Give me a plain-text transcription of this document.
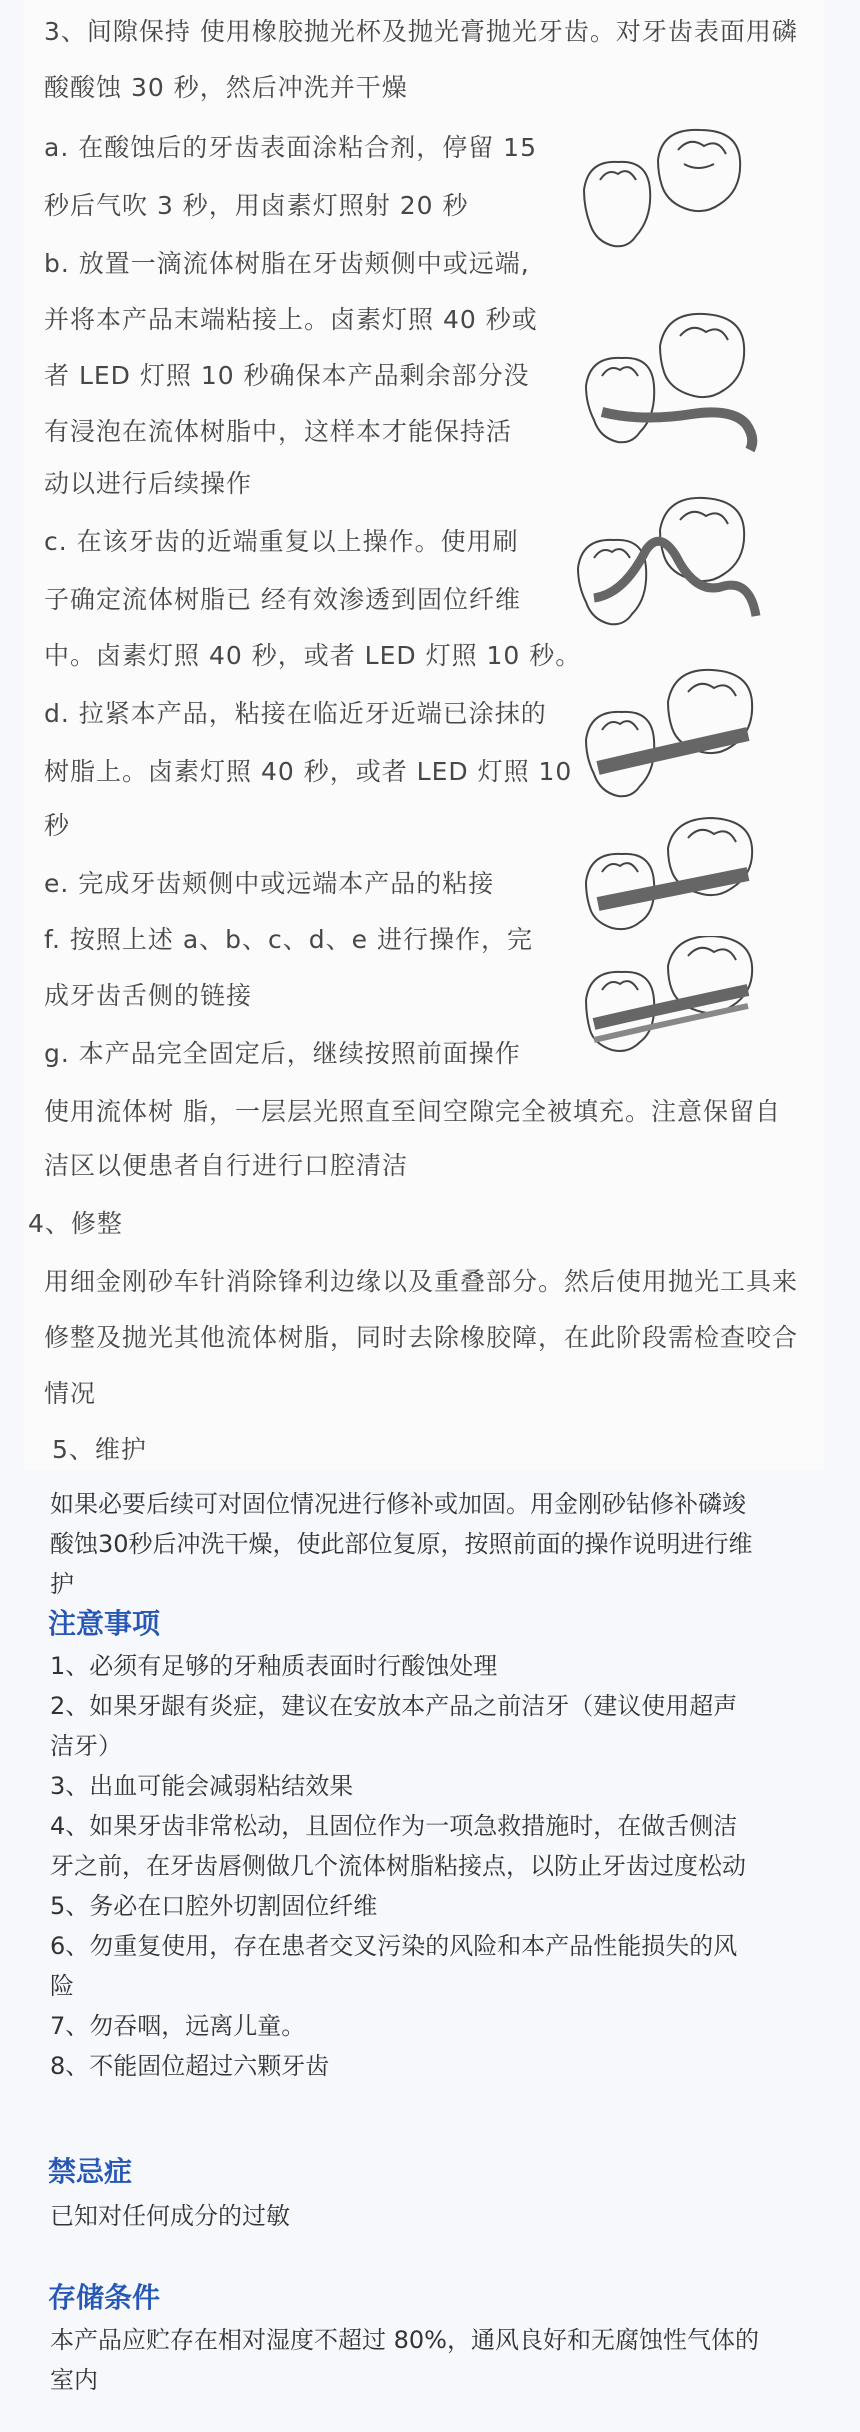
3、间隙保持 使用橡胶抛光杯及抛光膏抛光牙齿。对牙齿表面用磷
酸酸蚀 30 秒，然后冲洗并干燥
a. 在酸蚀后的牙齿表面涂粘合剂，停留 15
秒后气吹 3 秒，用卤素灯照射 20 秒
b. 放置一滴流体树脂在牙齿颊侧中或远端,
并将本产品末端粘接上。卤素灯照 40 秒或
者 LED 灯照 10 秒确保本产品剩余部分没
有浸泡在流体树脂中，这样本才能保持活
动以进行后续操作
c. 在该牙齿的近端重复以上操作。使用刷
子确定流体树脂已 经有效渗透到固位纤维
中。卤素灯照 40 秒，或者 LED 灯照 10 秒。
d. 拉紧本产品，粘接在临近牙近端已涂抹的
树脂上。卤素灯照 40 秒，或者 LED 灯照 10
秒
e. 完成牙齿颊侧中或远端本产品的粘接
f. 按照上述 a、b、c、d、e 进行操作，完
成牙齿舌侧的链接
g. 本产品完全固定后，继续按照前面操作
使用流体树 脂，一层层光照直至间空隙完全被填充。注意保留自
洁区以便患者自行进行口腔清洁
4、修整
用细金刚砂车针消除锋利边缘以及重叠部分。然后使用抛光工具来
修整及抛光其他流体树脂，同时去除橡胶障，在此阶段需检查咬合
情况
5、维护
如果必要后续可对固位情况进行修补或加固。用金刚砂钻修补磷竣
酸蚀30秒后冲洗干燥，使此部位复原，按照前面的操作说明进行维
护
注意事项
1、必须有足够的牙釉质表面时行酸蚀处理
2、如果牙龈有炎症，建议在安放本产品之前洁牙（建议使用超声
洁牙）
3、出血可能会减弱粘结效果
4、如果牙齿非常松动，且固位作为一项急救措施时，在做舌侧洁
牙之前，在牙齿唇侧做几个流体树脂粘接点，以防止牙齿过度松动
5、务必在口腔外切割固位纤维
6、勿重复使用，存在患者交叉污染的风险和本产品性能损失的风
险
7、勿吞咽，远离儿童。
8、不能固位超过六颗牙齿
禁忌症
已知对任何成分的过敏
存储条件
本产品应贮存在相对湿度不超过 80%，通风良好和无腐蚀性气体的
室内
